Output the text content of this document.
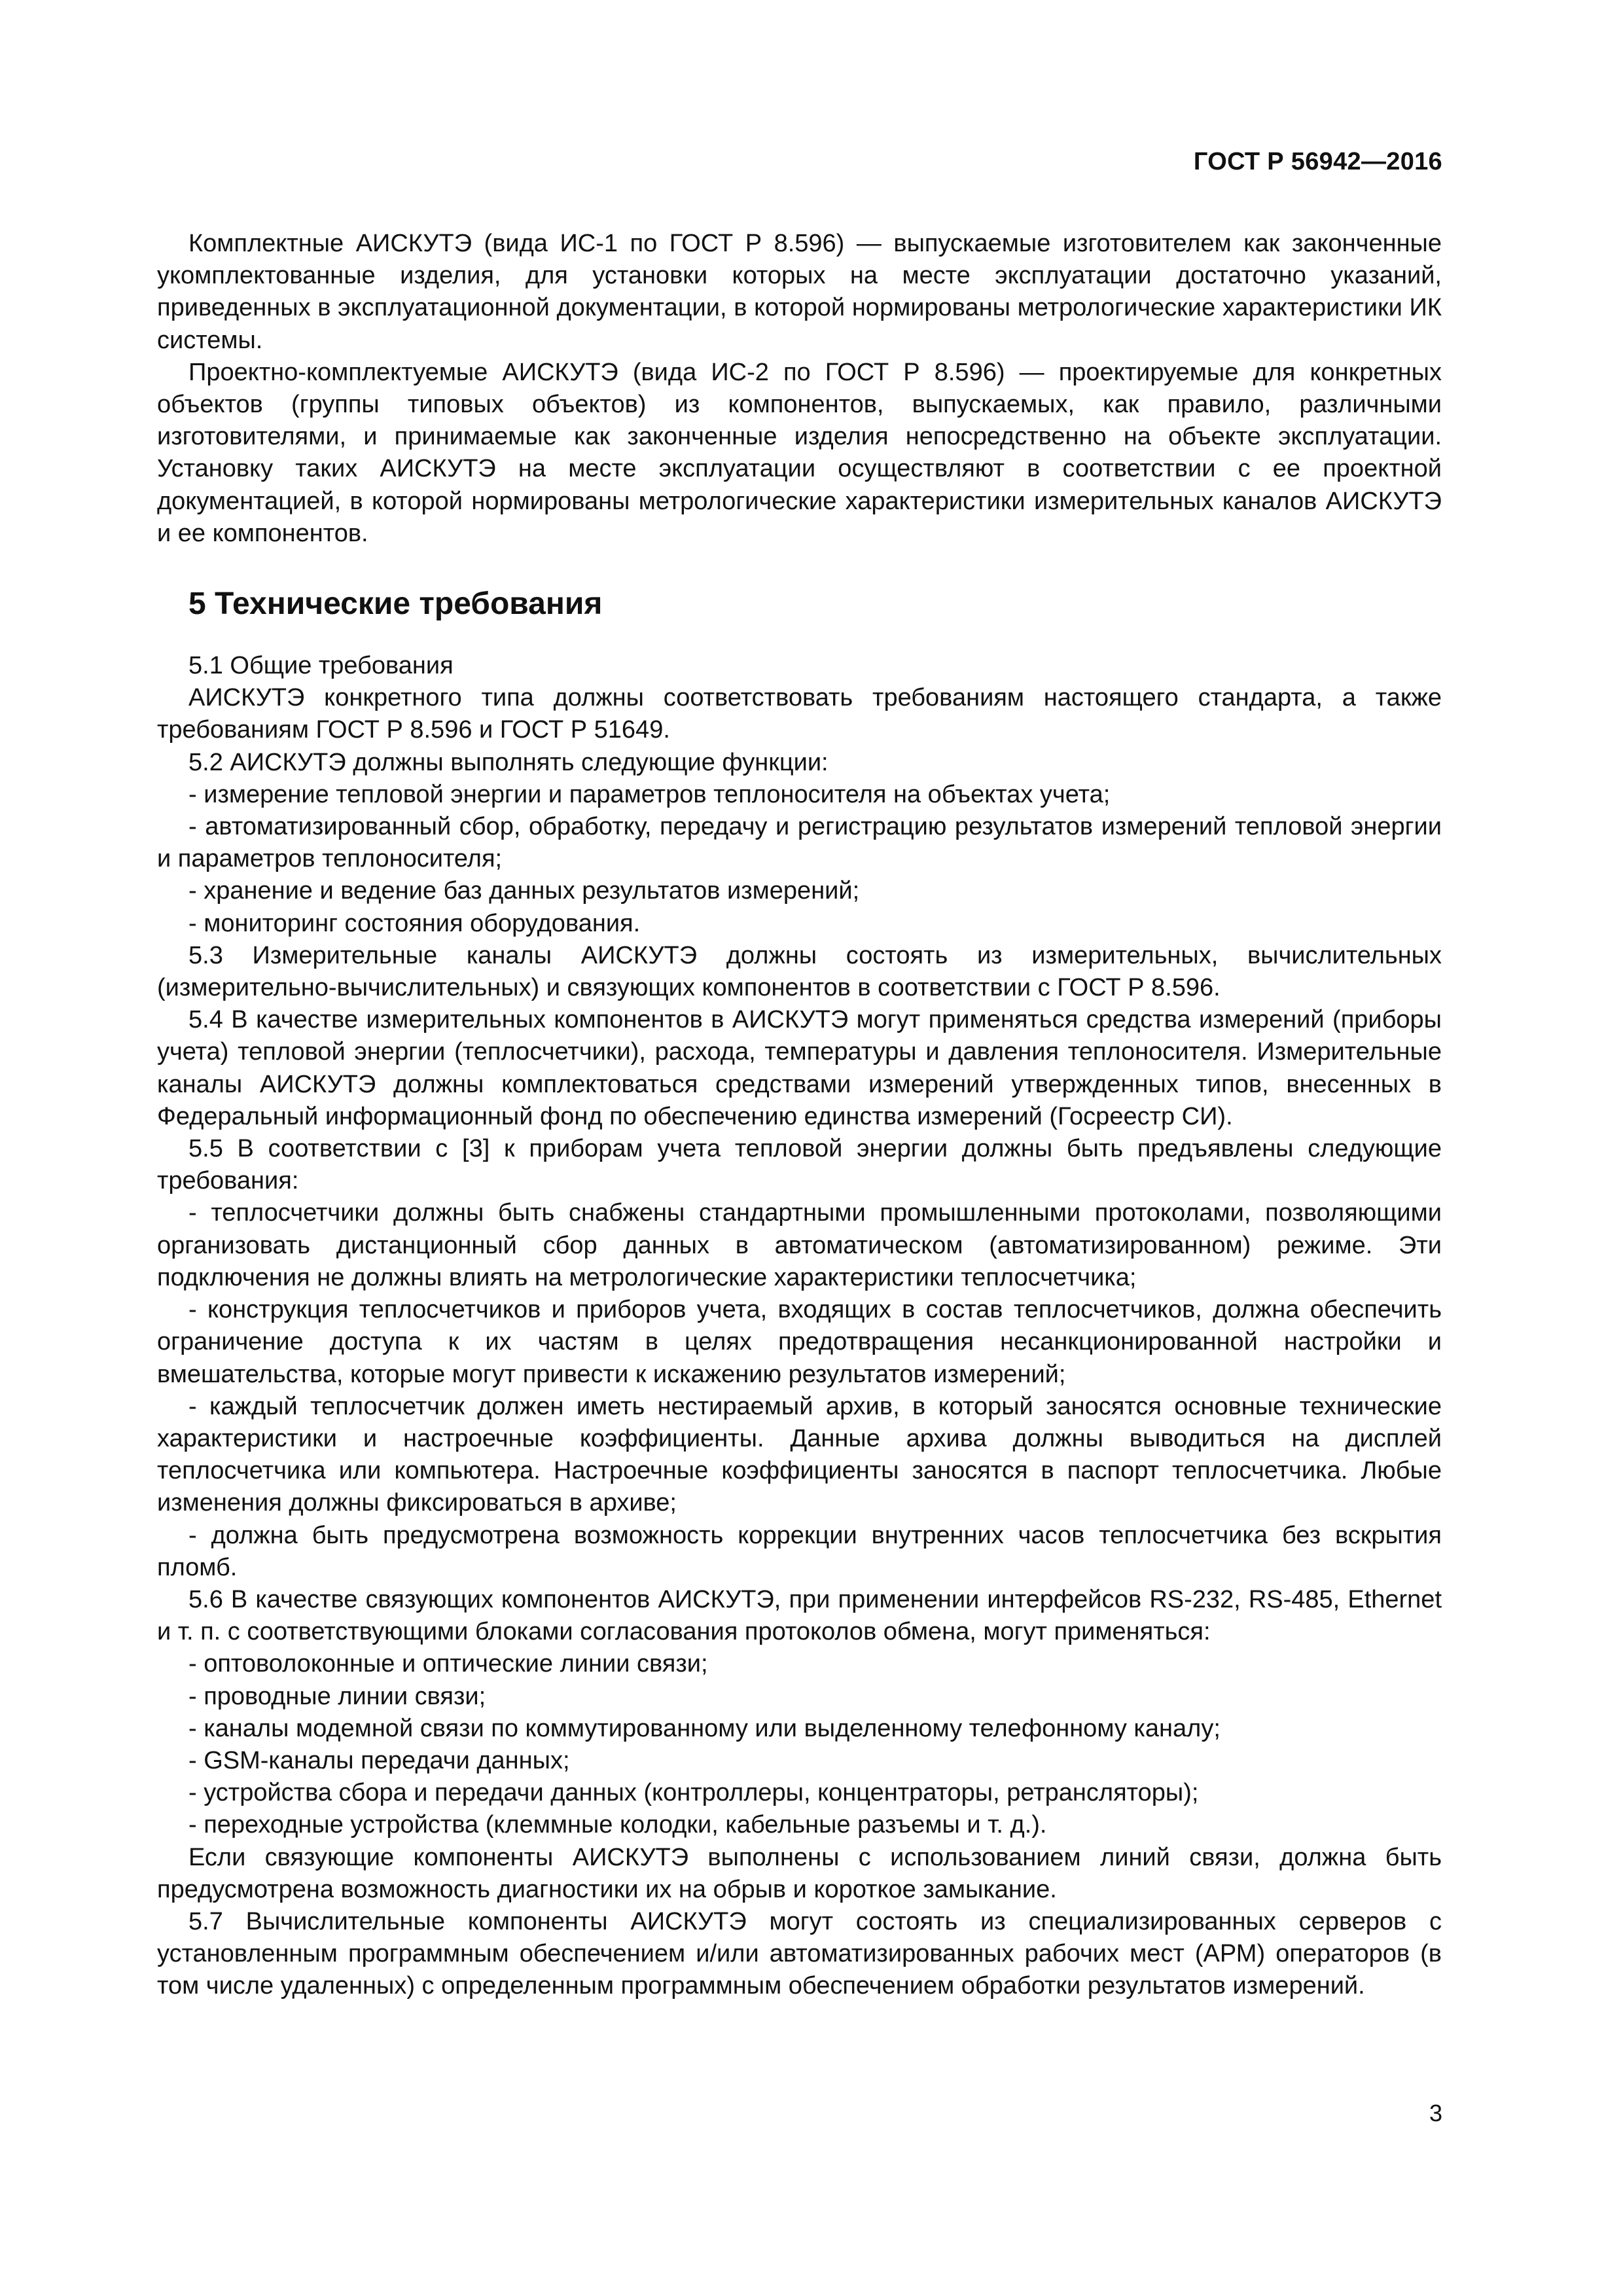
ГОСТ Р 56942—2016

Комплектные АИСКУТЭ (вида ИС-1 по ГОСТ Р 8.596) — выпускаемые изготовителем как законченные укомплектованные изделия, для установки которых на месте эксплуатации достаточно указаний, приведенных в эксплуатационной документации, в которой нормированы метрологические характеристики ИК системы.

Проектно-комплектуемые АИСКУТЭ (вида ИС-2 по ГОСТ Р 8.596) — проектируемые для конкретных объектов (группы типовых объектов) из компонентов, выпускаемых, как правило, различными изготовителями, и принимаемые как законченные изделия непосредственно на объекте эксплуатации. Установку таких АИСКУТЭ на месте эксплуатации осуществляют в соответствии с ее проектной документацией, в которой нормированы метрологические характеристики измерительных каналов АИСКУТЭ и ее компонентов.

5 Технические требования

5.1 Общие требования

АИСКУТЭ конкретного типа должны соответствовать требованиям настоящего стандарта, а также требованиям ГОСТ Р 8.596 и ГОСТ Р 51649.

5.2 АИСКУТЭ должны выполнять следующие функции:

- измерение тепловой энергии и параметров теплоносителя на объектах учета;

- автоматизированный сбор, обработку, передачу и регистрацию результатов измерений тепловой энергии и параметров теплоносителя;

- хранение и ведение баз данных результатов измерений;

- мониторинг состояния оборудования.

5.3 Измерительные каналы АИСКУТЭ должны состоять из измерительных, вычислительных (измерительно-вычислительных) и связующих компонентов в соответствии с ГОСТ Р 8.596.

5.4 В качестве измерительных компонентов в АИСКУТЭ могут применяться средства измерений (приборы учета) тепловой энергии (теплосчетчики), расхода, температуры и давления теплоносителя. Измерительные каналы АИСКУТЭ должны комплектоваться средствами измерений утвержденных типов, внесенных в Федеральный информационный фонд по обеспечению единства измерений (Госреестр СИ).

5.5 В соответствии с [3] к приборам учета тепловой энергии должны быть предъявлены следующие требования:

- теплосчетчики должны быть снабжены стандартными промышленными протоколами, позволяющими организовать дистанционный сбор данных в автоматическом (автоматизированном) режиме. Эти подключения не должны влиять на метрологические характеристики теплосчетчика;

- конструкция теплосчетчиков и приборов учета, входящих в состав теплосчетчиков, должна обеспечить ограничение доступа к их частям в целях предотвращения несанкционированной настройки и вмешательства, которые могут привести к искажению результатов измерений;

- каждый теплосчетчик должен иметь нестираемый архив, в который заносятся основные технические характеристики и настроечные коэффициенты. Данные архива должны выводиться на дисплей теплосчетчика или компьютера. Настроечные коэффициенты заносятся в паспорт теплосчетчика. Любые изменения должны фиксироваться в архиве;

- должна быть предусмотрена возможность коррекции внутренних часов теплосчетчика без вскрытия пломб.

5.6 В качестве связующих компонентов АИСКУТЭ, при применении интерфейсов RS-232, RS-485, Ethernet и т. п. с соответствующими блоками согласования протоколов обмена, могут применяться:

- оптоволоконные и оптические линии связи;

- проводные линии связи;

- каналы модемной связи по коммутированному или выделенному телефонному каналу;

- GSM-каналы передачи данных;

- устройства сбора и передачи данных (контроллеры, концентраторы, ретрансляторы);

- переходные устройства (клеммные колодки, кабельные разъемы и т. д.).

Если связующие компоненты АИСКУТЭ выполнены с использованием линий связи, должна быть предусмотрена возможность диагностики их на обрыв и короткое замыкание.

5.7 Вычислительные компоненты АИСКУТЭ могут состоять из специализированных серверов с установленным программным обеспечением и/или автоматизированных рабочих мест (АРМ) операторов (в том числе удаленных) с определенным программным обеспечением обработки результатов измерений.

3
